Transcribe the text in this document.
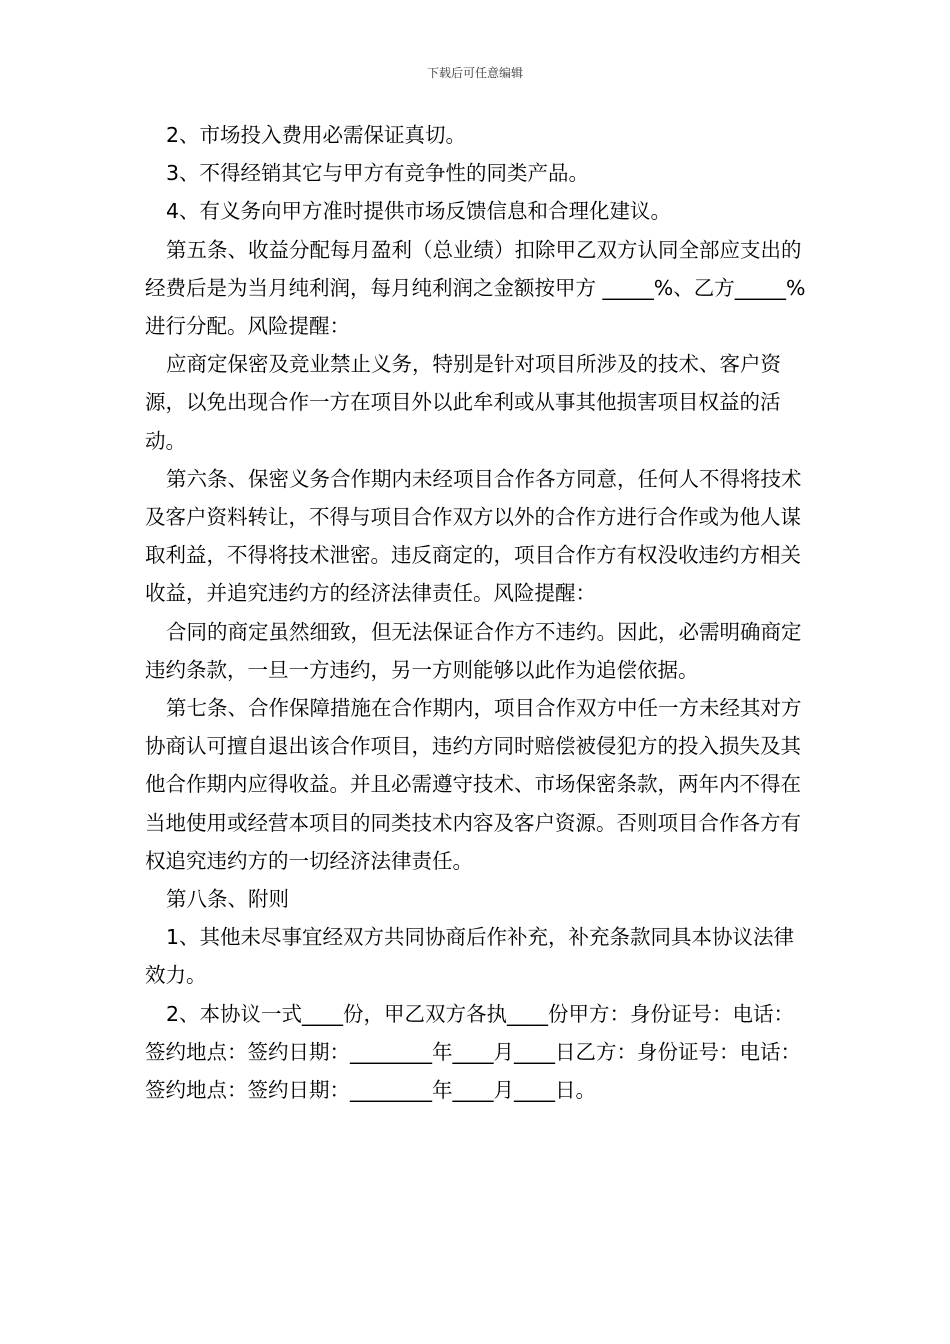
下载后可任意编辑

2、市场投入费用必需保证真切。

3、不得经销其它与甲方有竞争性的同类产品。

4、有义务向甲方准时提供市场反馈信息和合理化建议。

第五条、收益分配每月盈利（总业绩）扣除甲乙双方认同全部应支出的经费后是为当月纯利润，每月纯利润之金额按甲方 _____%、乙方_____%进行分配。风险提醒：

应商定保密及竞业禁止义务，特别是针对项目所涉及的技术、客户资源，以免出现合作一方在项目外以此牟利或从事其他损害项目权益的活动。

第六条、保密义务合作期内未经项目合作各方同意，任何人不得将技术及客户资料转让，不得与项目合作双方以外的合作方进行合作或为他人谋取利益，不得将技术泄密。违反商定的，项目合作方有权没收违约方相关收益，并追究违约方的经济法律责任。风险提醒：

合同的商定虽然细致，但无法保证合作方不违约。因此，必需明确商定违约条款，一旦一方违约，另一方则能够以此作为追偿依据。

第七条、合作保障措施在合作期内，项目合作双方中任一方未经其对方协商认可擅自退出该合作项目，违约方同时赔偿被侵犯方的投入损失及其他合作期内应得收益。并且必需遵守技术、市场保密条款，两年内不得在当地使用或经营本项目的同类技术内容及客户资源。否则项目合作各方有权追究违约方的一切经济法律责任。

第八条、附则

1、其他未尽事宜经双方共同协商后作补充，补充条款同具本协议法律效力。

2、本协议一式____份，甲乙双方各执____份甲方：身份证号：电话：签约地点：签约日期：________年____月____日乙方：身份证号：电话：签约地点：签约日期：________年____月____日。
